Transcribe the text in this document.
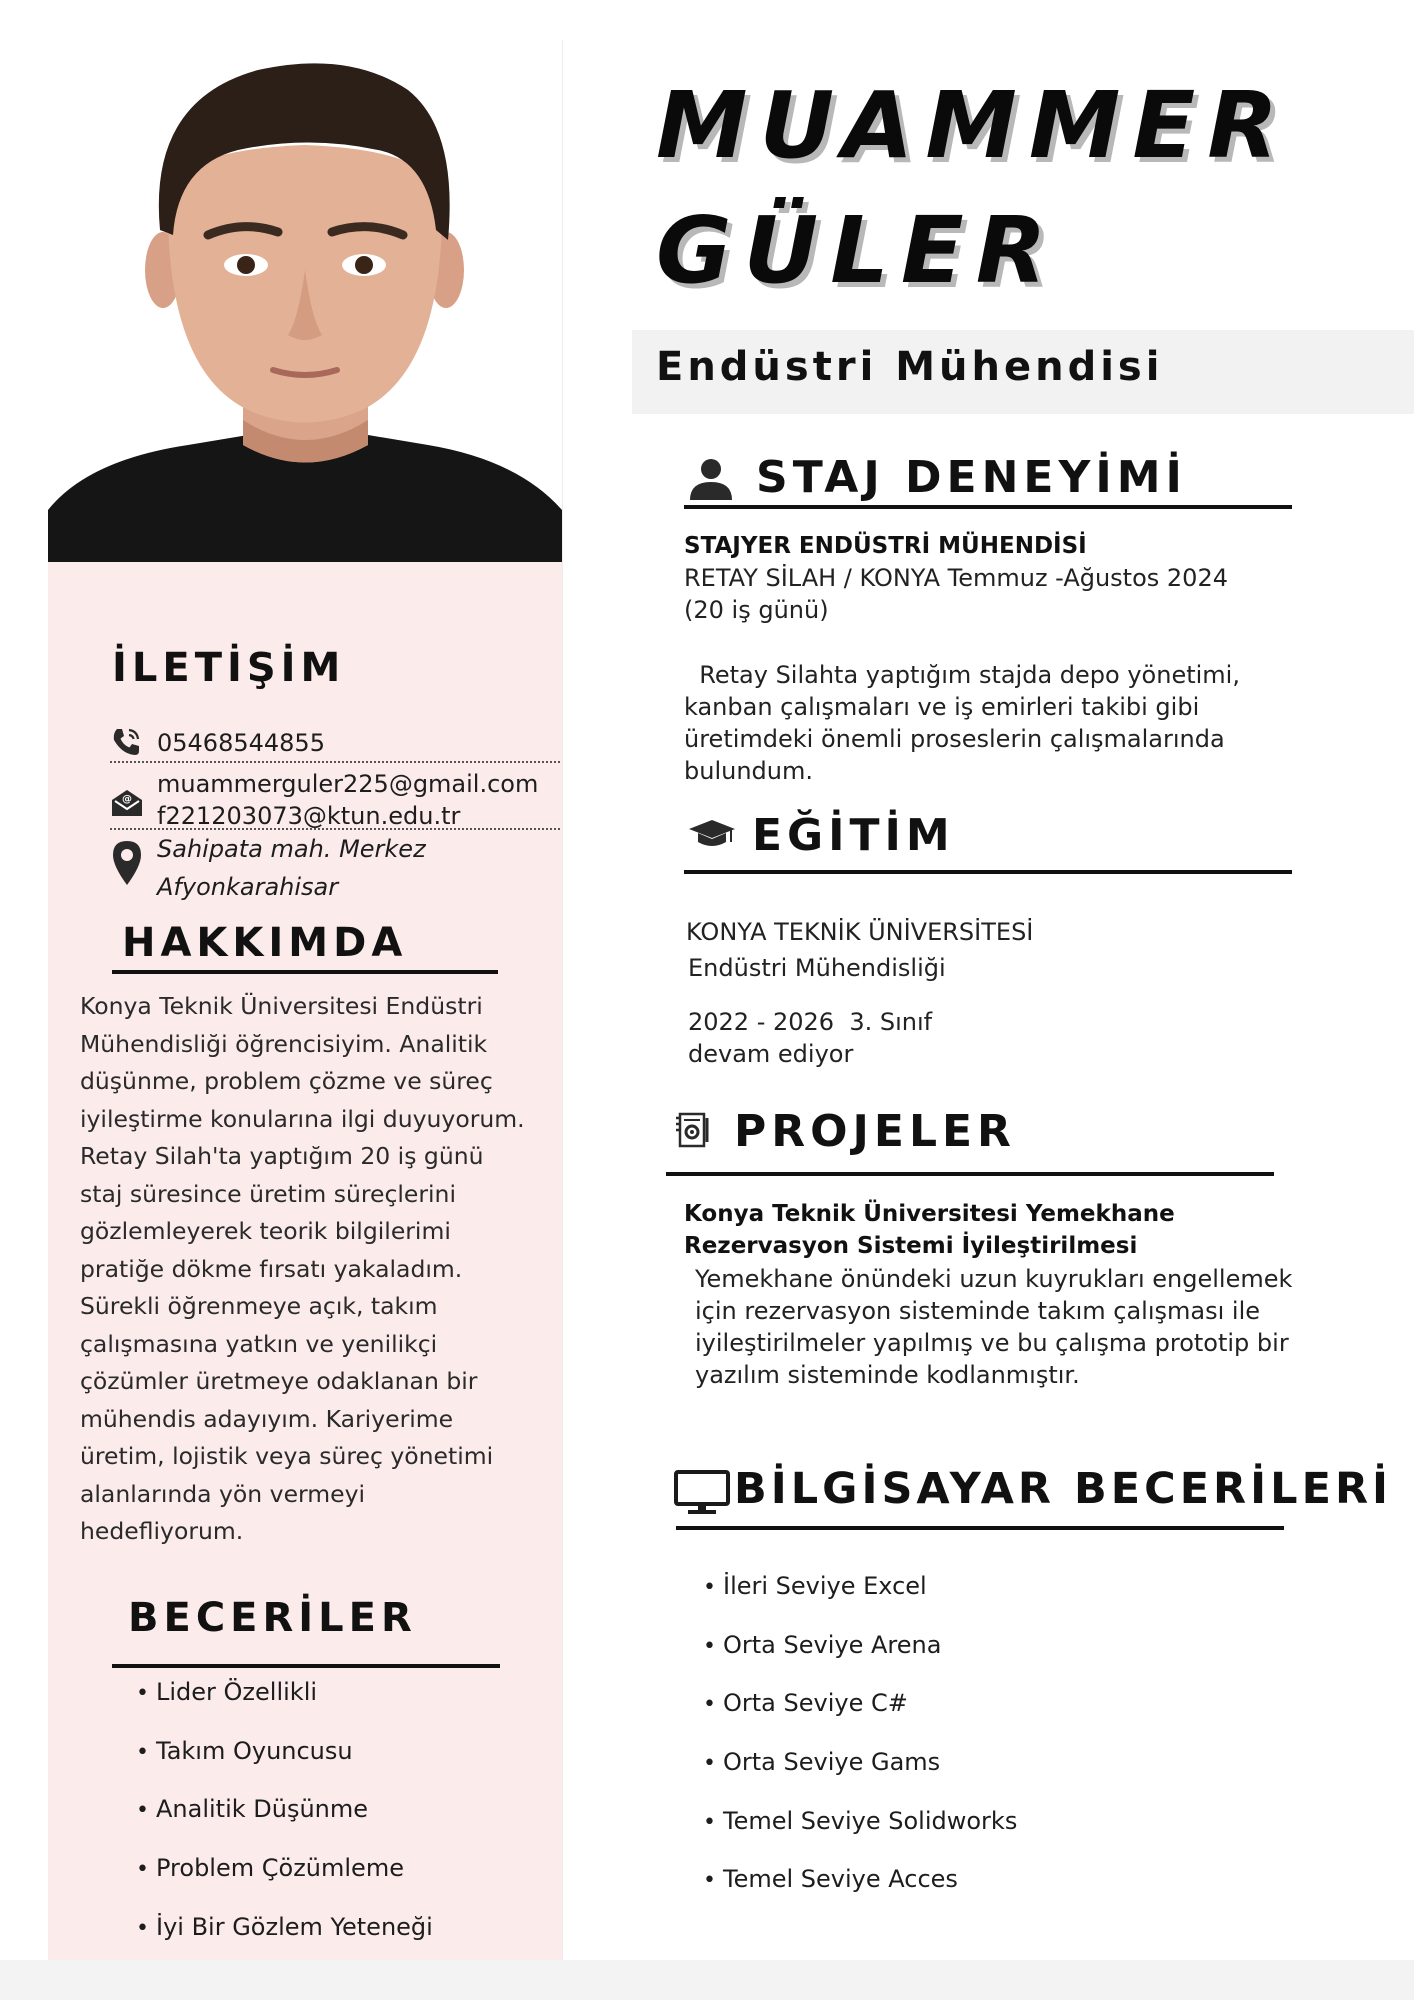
İLETİŞİM
05468544855
@
muammerguler225@gmail.com
f221203073@ktun.edu.tr
Sahipata mah. Merkez
Afyonkarahisar
HAKKIMDA
Konya Teknik Üniversitesi Endüstri Mühendisliği öğrencisiyim. Analitik düşünme, problem çözme ve süreç iyileştirme konularına ilgi duyuyorum. Retay Silah'ta yaptığım 20 iş günü staj süresince üretim süreçlerini gözlemleyerek teorik bilgilerimi pratiğe dökme fırsatı yakaladım. Sürekli öğrenmeye açık, takım çalışmasına yatkın ve yenilikçi çözümler üretmeye odaklanan bir mühendis adayıyım. Kariyerime üretim, lojistik veya süreç yönetimi alanlarında yön vermeyi hedefliyorum.
BECERİLER
• Lider Özellikli
• Takım Oyuncusu
• Analitik Düşünme
• Problem Çözümleme
• İyi Bir Gözlem Yeteneği
MUAMMER
GÜLER
Endüstri Mühendisi
STAJ DENEYİMİ
STAJYER ENDÜSTRİ MÜHENDİSİ
RETAY SİLAH / KONYA Temmuz -Ağustos 2024
(20 iş günü)
Retay Silahta yaptığım stajda depo yönetimi,
kanban çalışmaları ve iş emirleri takibi gibi
üretimdeki önemli proseslerin çalışmalarında
bulundum.
EĞİTİM
KONYA TEKNİK ÜNİVERSİTESİ
Endüstri Mühendisliği
2022 - 2026  3. Sınıf
devam ediyor
PROJELER
Konya Teknik Üniversitesi Yemekhane
Rezervasyon Sistemi İyileştirilmesi
Yemekhane önündeki uzun kuyrukları engellemek
için rezervasyon sisteminde takım çalışması ile
iyileştirilmeler yapılmış ve bu çalışma prototip bir
yazılım sisteminde kodlanmıştır.
BİLGİSAYAR BECERİLERİ
• İleri Seviye Excel
• Orta Seviye Arena
• Orta Seviye C#
• Orta Seviye Gams
• Temel Seviye Solidworks
• Temel Seviye Acces
